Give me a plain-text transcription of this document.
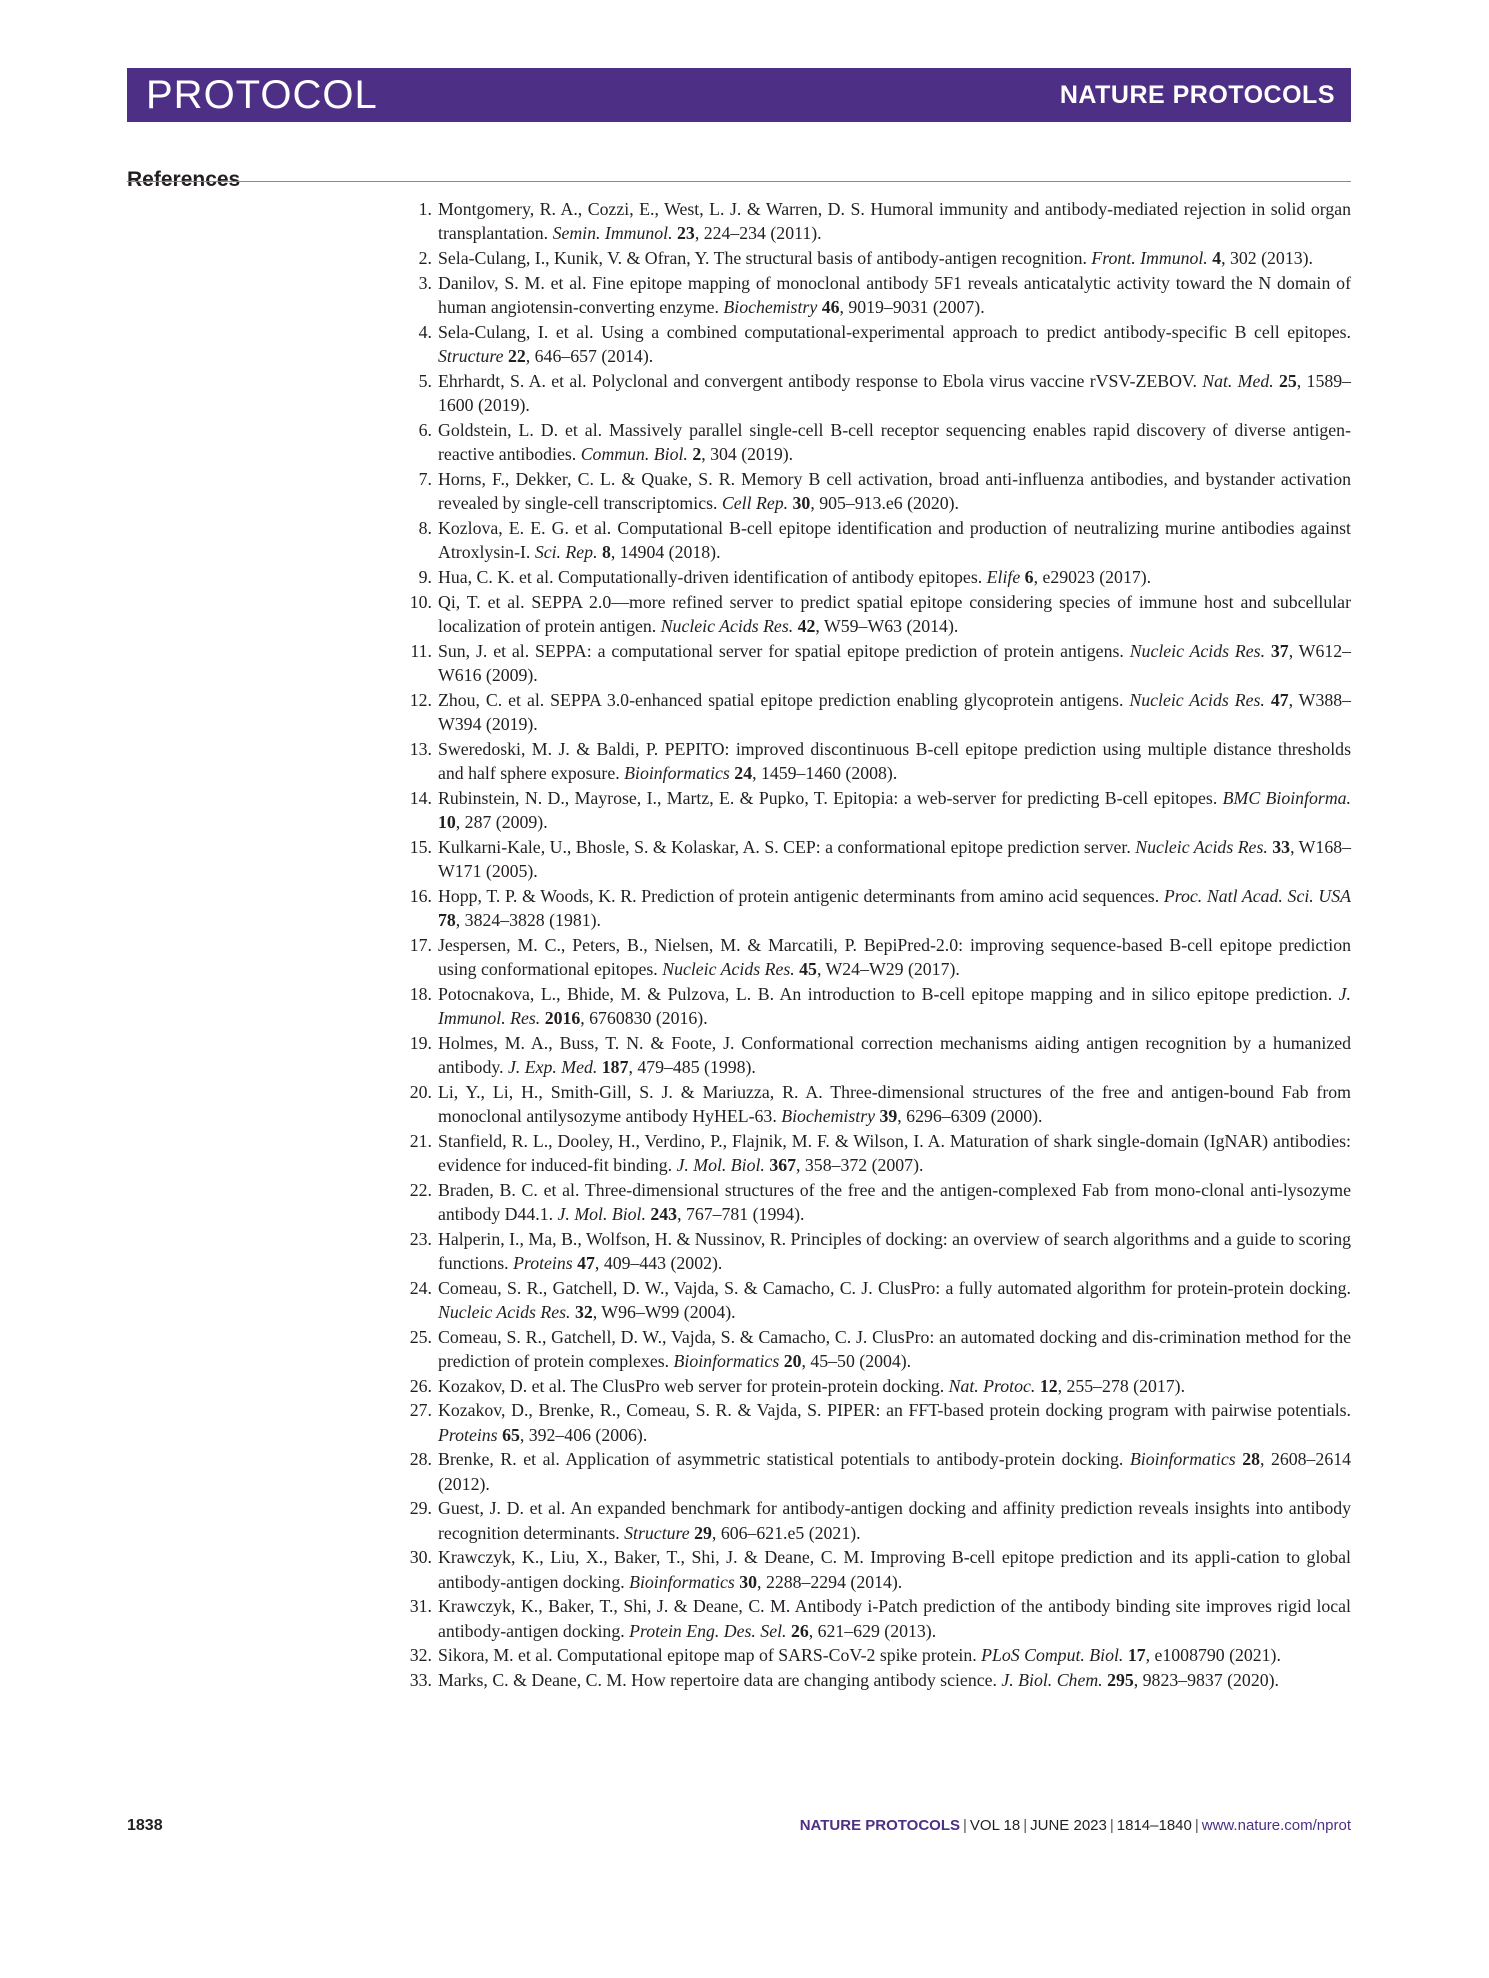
PROTOCOL	NATURE PROTOCOLS
References
1. Montgomery, R. A., Cozzi, E., West, L. J. & Warren, D. S. Humoral immunity and antibody-mediated rejection in solid organ transplantation. Semin. Immunol. 23, 224–234 (2011).
2. Sela-Culang, I., Kunik, V. & Ofran, Y. The structural basis of antibody-antigen recognition. Front. Immunol. 4, 302 (2013).
3. Danilov, S. M. et al. Fine epitope mapping of monoclonal antibody 5F1 reveals anticatalytic activity toward the N domain of human angiotensin-converting enzyme. Biochemistry 46, 9019–9031 (2007).
4. Sela-Culang, I. et al. Using a combined computational-experimental approach to predict antibody-specific B cell epitopes. Structure 22, 646–657 (2014).
5. Ehrhardt, S. A. et al. Polyclonal and convergent antibody response to Ebola virus vaccine rVSV-ZEBOV. Nat. Med. 25, 1589–1600 (2019).
6. Goldstein, L. D. et al. Massively parallel single-cell B-cell receptor sequencing enables rapid discovery of diverse antigen-reactive antibodies. Commun. Biol. 2, 304 (2019).
7. Horns, F., Dekker, C. L. & Quake, S. R. Memory B cell activation, broad anti-influenza antibodies, and bystander activation revealed by single-cell transcriptomics. Cell Rep. 30, 905–913.e6 (2020).
8. Kozlova, E. E. G. et al. Computational B-cell epitope identification and production of neutralizing murine antibodies against Atroxlysin-I. Sci. Rep. 8, 14904 (2018).
9. Hua, C. K. et al. Computationally-driven identification of antibody epitopes. Elife 6, e29023 (2017).
10. Qi, T. et al. SEPPA 2.0—more refined server to predict spatial epitope considering species of immune host and subcellular localization of protein antigen. Nucleic Acids Res. 42, W59–W63 (2014).
11. Sun, J. et al. SEPPA: a computational server for spatial epitope prediction of protein antigens. Nucleic Acids Res. 37, W612–W616 (2009).
12. Zhou, C. et al. SEPPA 3.0-enhanced spatial epitope prediction enabling glycoprotein antigens. Nucleic Acids Res. 47, W388–W394 (2019).
13. Sweredoski, M. J. & Baldi, P. PEPITO: improved discontinuous B-cell epitope prediction using multiple distance thresholds and half sphere exposure. Bioinformatics 24, 1459–1460 (2008).
14. Rubinstein, N. D., Mayrose, I., Martz, E. & Pupko, T. Epitopia: a web-server for predicting B-cell epitopes. BMC Bioinforma. 10, 287 (2009).
15. Kulkarni-Kale, U., Bhosle, S. & Kolaskar, A. S. CEP: a conformational epitope prediction server. Nucleic Acids Res. 33, W168–W171 (2005).
16. Hopp, T. P. & Woods, K. R. Prediction of protein antigenic determinants from amino acid sequences. Proc. Natl Acad. Sci. USA 78, 3824–3828 (1981).
17. Jespersen, M. C., Peters, B., Nielsen, M. & Marcatili, P. BepiPred-2.0: improving sequence-based B-cell epitope prediction using conformational epitopes. Nucleic Acids Res. 45, W24–W29 (2017).
18. Potocnakova, L., Bhide, M. & Pulzova, L. B. An introduction to B-cell epitope mapping and in silico epitope prediction. J. Immunol. Res. 2016, 6760830 (2016).
19. Holmes, M. A., Buss, T. N. & Foote, J. Conformational correction mechanisms aiding antigen recognition by a humanized antibody. J. Exp. Med. 187, 479–485 (1998).
20. Li, Y., Li, H., Smith-Gill, S. J. & Mariuzza, R. A. Three-dimensional structures of the free and antigen-bound Fab from monoclonal antilysozyme antibody HyHEL-63. Biochemistry 39, 6296–6309 (2000).
21. Stanfield, R. L., Dooley, H., Verdino, P., Flajnik, M. F. & Wilson, I. A. Maturation of shark single-domain (IgNAR) antibodies: evidence for induced-fit binding. J. Mol. Biol. 367, 358–372 (2007).
22. Braden, B. C. et al. Three-dimensional structures of the free and the antigen-complexed Fab from mono-clonal anti-lysozyme antibody D44.1. J. Mol. Biol. 243, 767–781 (1994).
23. Halperin, I., Ma, B., Wolfson, H. & Nussinov, R. Principles of docking: an overview of search algorithms and a guide to scoring functions. Proteins 47, 409–443 (2002).
24. Comeau, S. R., Gatchell, D. W., Vajda, S. & Camacho, C. J. ClusPro: a fully automated algorithm for protein-protein docking. Nucleic Acids Res. 32, W96–W99 (2004).
25. Comeau, S. R., Gatchell, D. W., Vajda, S. & Camacho, C. J. ClusPro: an automated docking and dis-crimination method for the prediction of protein complexes. Bioinformatics 20, 45–50 (2004).
26. Kozakov, D. et al. The ClusPro web server for protein-protein docking. Nat. Protoc. 12, 255–278 (2017).
27. Kozakov, D., Brenke, R., Comeau, S. R. & Vajda, S. PIPER: an FFT-based protein docking program with pairwise potentials. Proteins 65, 392–406 (2006).
28. Brenke, R. et al. Application of asymmetric statistical potentials to antibody-protein docking. Bioinformatics 28, 2608–2614 (2012).
29. Guest, J. D. et al. An expanded benchmark for antibody-antigen docking and affinity prediction reveals insights into antibody recognition determinants. Structure 29, 606–621.e5 (2021).
30. Krawczyk, K., Liu, X., Baker, T., Shi, J. & Deane, C. M. Improving B-cell epitope prediction and its appli-cation to global antibody-antigen docking. Bioinformatics 30, 2288–2294 (2014).
31. Krawczyk, K., Baker, T., Shi, J. & Deane, C. M. Antibody i-Patch prediction of the antibody binding site improves rigid local antibody-antigen docking. Protein Eng. Des. Sel. 26, 621–629 (2013).
32. Sikora, M. et al. Computational epitope map of SARS-CoV-2 spike protein. PLoS Comput. Biol. 17, e1008790 (2021).
33. Marks, C. & Deane, C. M. How repertoire data are changing antibody science. J. Biol. Chem. 295, 9823–9837 (2020).
1838	NATURE PROTOCOLS | VOL 18 | JUNE 2023 | 1814–1840 | www.nature.com/nprot
